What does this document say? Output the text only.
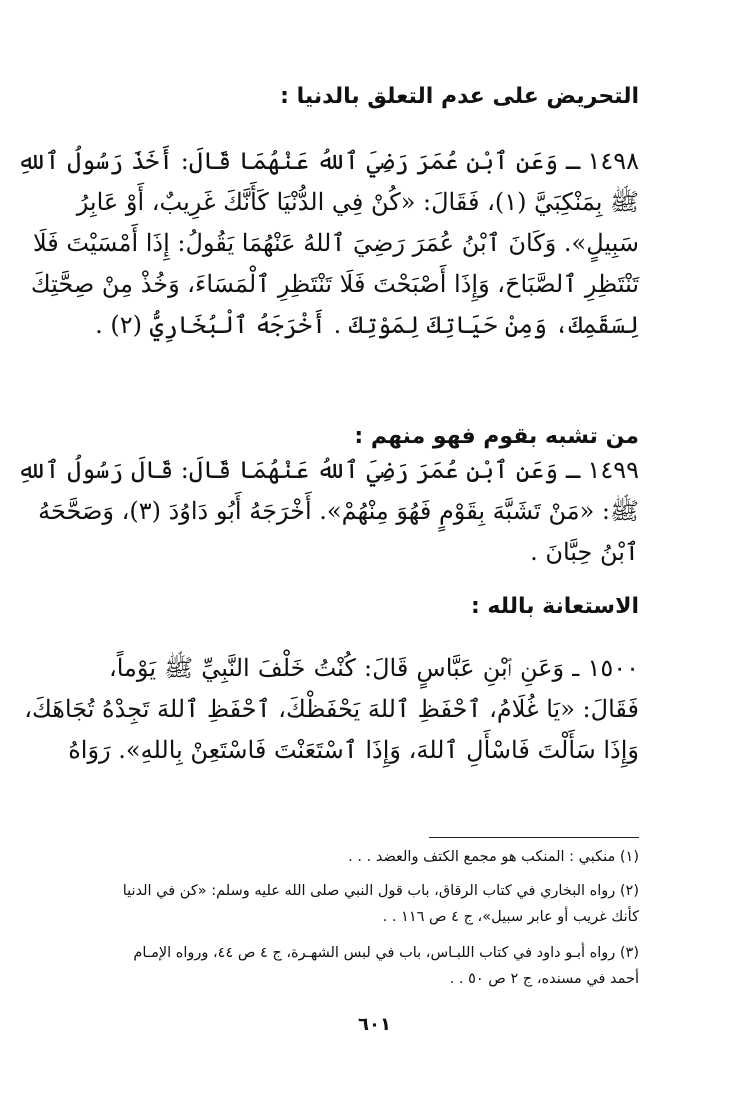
التحريض على عدم التعلق بالدنيا :
١٤٩٨ ـ وَعَنِ ٱبْنِ عُمَرَ رَضِيَ ٱللهُ عَنْهُمَا قَالَ: أَخَذَ رَسُولُ ٱللهِ
ﷺ بِمَنْكِبَيَّ (١)، فَقَالَ: «كُنْ فِي الدُّنْيَا كَأَنَّكَ غَرِيبٌ، أَوْ عَابِرُ
سَبِيلٍ». وَكَانَ ٱبْنُ عُمَرَ رَضِيَ ٱللهُ عَنْهُمَا يَقُولُ: إِذَا أَمْسَيْتَ فَلَا
تَنْتَظِرِ ٱلصَّبَاحَ، وَإِذَا أَصْبَحْتَ فَلَا تَنْتَظِرِ ٱلْمَسَاءَ، وَخُذْ مِنْ صِحَّتِكَ
لِسَقَمِكَ، وَمِنْ حَيَاتِكَ لِمَوْتِكَ . أَخْرَجَهُ ٱلْبُخَارِيُّ (٢) .
من تشبه بقوم فهو منهم :
١٤٩٩ ـ وَعَنِ ٱبْنِ عُمَرَ رَضِيَ ٱللهُ عَنْهُمَا قَالَ: قَالَ رَسُولُ ٱللهِ
ﷺ: «مَنْ تَشَبَّهَ بِقَوْمٍ فَهُوَ مِنْهُمْ». أَخْرَجَهُ أَبُو دَاوُدَ (٣)، وَصَحَّحَهُ
ٱبْنُ حِبَّانَ .
الاستعانة بالله :
١٥٠٠ ـ وَعَنِ ٱبْنِ عَبَّاسٍ قَالَ: كُنْتُ خَلْفَ النَّبِيِّ ﷺ يَوْماً،
فَقَالَ: «يَا غُلَامُ، ٱحْفَظِ ٱللهَ يَحْفَظْكَ، ٱحْفَظِ ٱللهَ تَجِدْهُ تُجَاهَكَ،
وَإِذَا سَأَلْتَ فَاسْأَلِ ٱللهَ، وَإِذَا ٱسْتَعَنْتَ فَاسْتَعِنْ بِاللهِ». رَوَاهُ
(١) منكبي : المنكب هو مجمع الكتف والعضد . . .
(٢) رواه البخاري في كتاب الرقاق، باب قول النبي صلى الله عليه وسلم: «كن في الدنيا
كأنك غريب أو عابر سبيل»، ج ٤ ص ١١٦ . .
(٣) رواه أبـو داود في كتاب اللبـاس، باب في لبس الشهـرة، ج ٤ ص ٤٤، ورواه الإمـام
أحمد في مسنده، ج ٢ ص ٥٠ . .
٦٠١
